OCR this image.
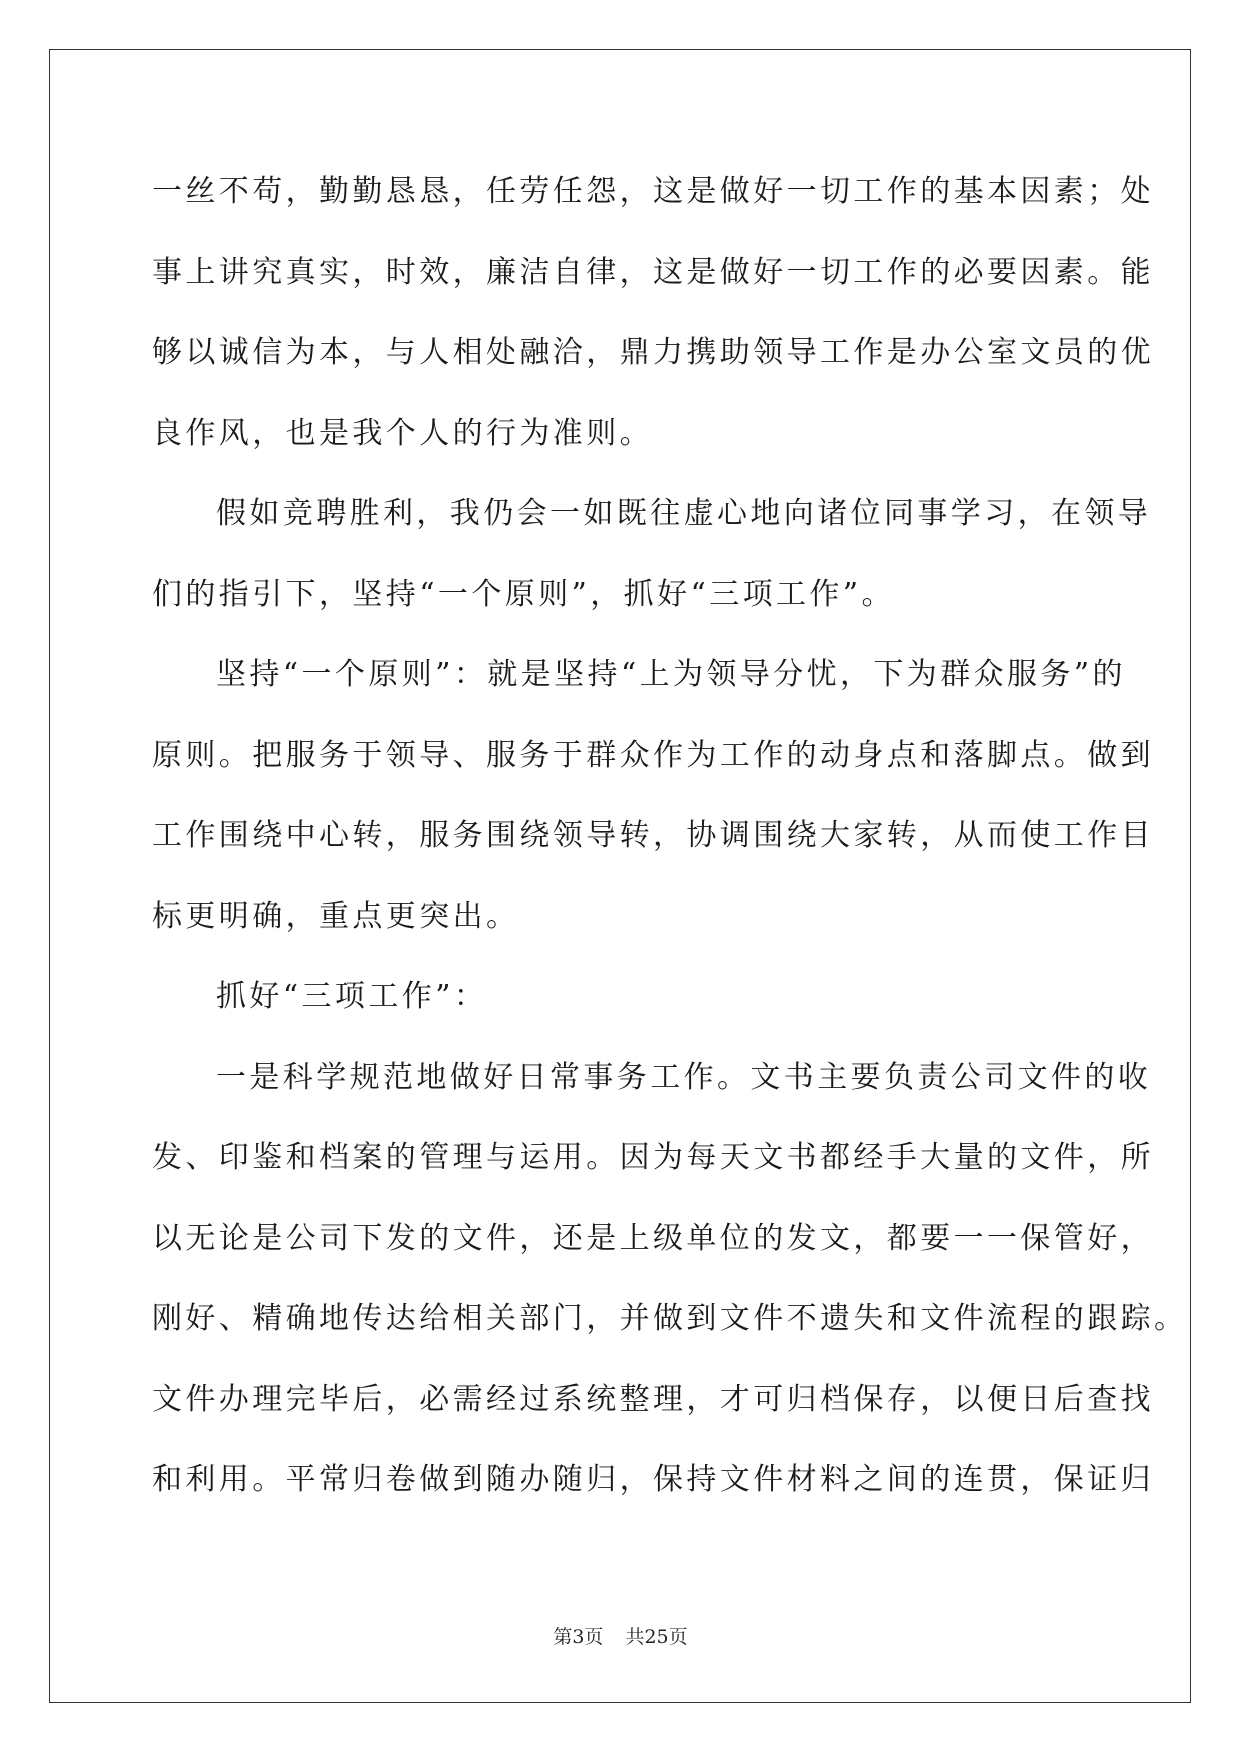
一丝不苟，勤勤恳恳，任劳任怨，这是做好一切工作的基本因素；处
事上讲究真实，时效，廉洁自律，这是做好一切工作的必要因素。能
够以诚信为本，与人相处融洽，鼎力携助领导工作是办公室文员的优
良作风，也是我个人的行为准则。
假如竞聘胜利，我仍会一如既往虚心地向诸位同事学习，在领导
们的指引下，坚持“一个原则”，抓好“三项工作”。
坚持“一个原则”：就是坚持“上为领导分忧，下为群众服务”的
原则。把服务于领导、服务于群众作为工作的动身点和落脚点。做到
工作围绕中心转，服务围绕领导转，协调围绕大家转，从而使工作目
标更明确，重点更突出。
抓好“三项工作”：
一是科学规范地做好日常事务工作。文书主要负责公司文件的收
发、印鉴和档案的管理与运用。因为每天文书都经手大量的文件，所
以无论是公司下发的文件，还是上级单位的发文，都要一一保管好，
刚好、精确地传达给相关部门，并做到文件不遗失和文件流程的跟踪。
文件办理完毕后，必需经过系统整理，才可归档保存，以便日后查找
和利用。平常归卷做到随办随归，保持文件材料之间的连贯，保证归
第3页 共25页
